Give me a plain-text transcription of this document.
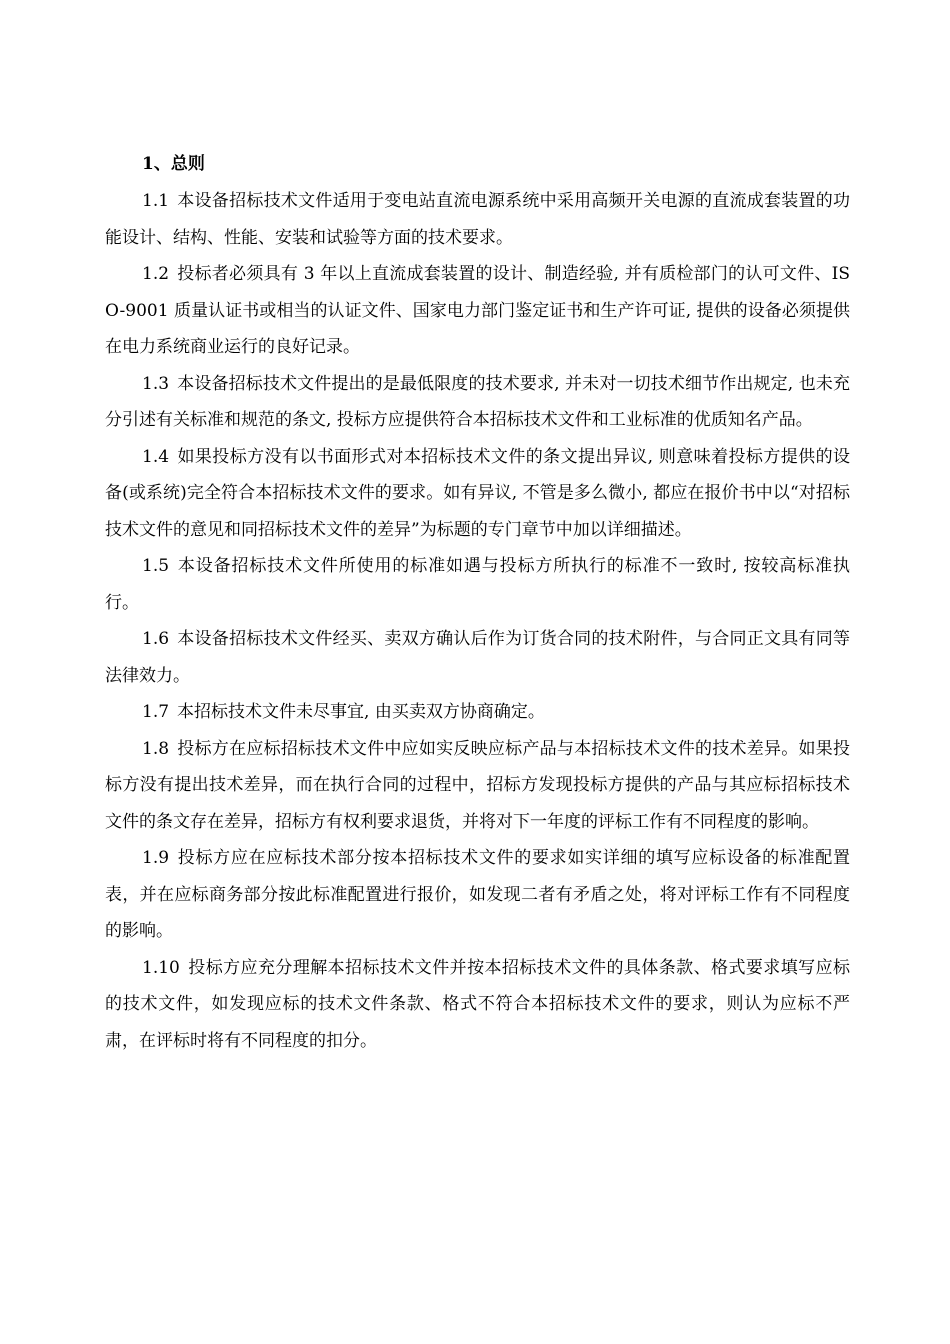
1、总则

1.1 本设备招标技术文件适用于变电站直流电源系统中采用高频开关电源的直流成套装置的功能设计、结构、性能、安装和试验等方面的技术要求。

1.2 投标者必须具有 3 年以上直流成套装置的设计、制造经验, 并有质检部门的认可文件、ISO-9001 质量认证书或相当的认证文件、国家电力部门鉴定证书和生产许可证, 提供的设备必须提供在电力系统商业运行的良好记录。

1.3 本设备招标技术文件提出的是最低限度的技术要求, 并未对一切技术细节作出规定, 也未充分引述有关标准和规范的条文, 投标方应提供符合本招标技术文件和工业标准的优质知名产品。

1.4 如果投标方没有以书面形式对本招标技术文件的条文提出异议, 则意味着投标方提供的设备(或系统)完全符合本招标技术文件的要求。如有异议, 不管是多么微小, 都应在报价书中以“对招标技术文件的意见和同招标技术文件的差异”为标题的专门章节中加以详细描述。

1.5 本设备招标技术文件所使用的标准如遇与投标方所执行的标准不一致时, 按较高标准执行。

1.6 本设备招标技术文件经买、卖双方确认后作为订货合同的技术附件，与合同正文具有同等法律效力。

1.7 本招标技术文件未尽事宜, 由买卖双方协商确定。

1.8 投标方在应标招标技术文件中应如实反映应标产品与本招标技术文件的技术差异。如果投标方没有提出技术差异，而在执行合同的过程中，招标方发现投标方提供的产品与其应标招标技术文件的条文存在差异，招标方有权利要求退货，并将对下一年度的评标工作有不同程度的影响。

1.9 投标方应在应标技术部分按本招标技术文件的要求如实详细的填写应标设备的标准配置表，并在应标商务部分按此标准配置进行报价，如发现二者有矛盾之处，将对评标工作有不同程度的影响。

1.10 投标方应充分理解本招标技术文件并按本招标技术文件的具体条款、格式要求填写应标的技术文件，如发现应标的技术文件条款、格式不符合本招标技术文件的要求，则认为应标不严肃，在评标时将有不同程度的扣分。
